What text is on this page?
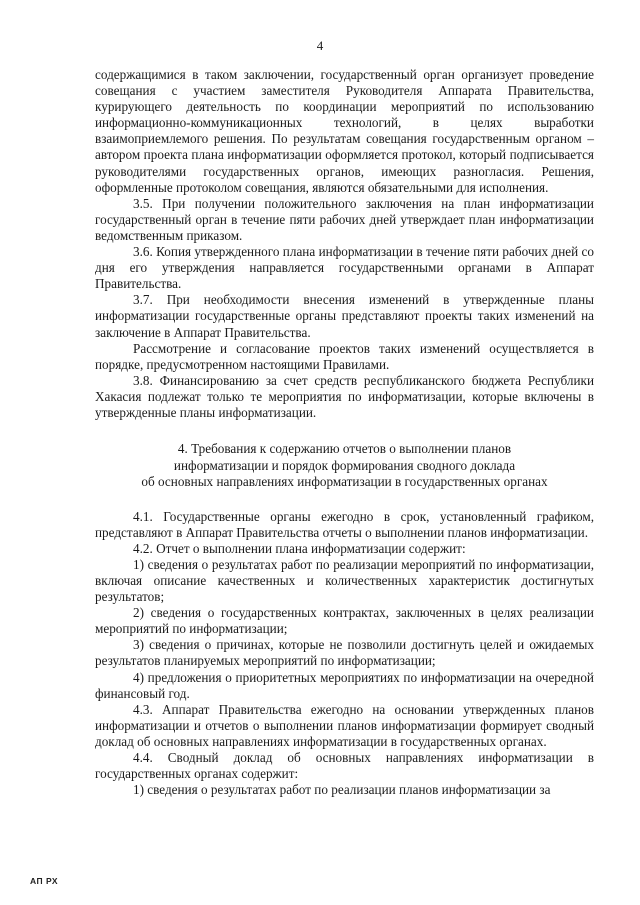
4

содержащимися в таком заключении, государственный орган организует проведение совещания с участием заместителя Руководителя Аппарата Правительства, курирующего деятельность по координации мероприятий по использованию информационно-коммуникационных технологий, в целях выработки взаимоприемлемого решения. По результатам совещания государственным органом – автором проекта плана информатизации оформляется протокол, который подписывается руководителями государственных органов, имеющих разногласия. Решения, оформленные протоколом совещания, являются обязательными для исполнения.

3.5. При получении положительного заключения на план информатизации государственный орган в течение пяти рабочих дней утверждает план информатизации ведомственным приказом.

3.6. Копия утвержденного плана информатизации в течение пяти рабочих дней со дня его утверждения направляется государственными органами в Аппарат Правительства.

3.7. При необходимости внесения изменений в утвержденные планы информатизации государственные органы представляют проекты таких изменений на заключение в Аппарат Правительства.

Рассмотрение и согласование проектов таких изменений осуществляется в порядке, предусмотренном настоящими Правилами.

3.8. Финансированию за счет средств республиканского бюджета Республики Хакасия подлежат только те мероприятия по информатизации, которые включены в утвержденные планы информатизации.

4. Требования к содержанию отчетов о выполнении планов
информатизации и порядок формирования сводного доклада
об основных направлениях информатизации в государственных органах

4.1. Государственные органы ежегодно в срок, установленный графиком, представляют в Аппарат Правительства отчеты о выполнении планов информатизации.

4.2. Отчет о выполнении плана информатизации содержит:

1) сведения о результатах работ по реализации мероприятий по информатизации, включая описание качественных и количественных характеристик достигнутых результатов;

2) сведения о государственных контрактах, заключенных в целях реализации мероприятий по информатизации;

3) сведения о причинах, которые не позволили достигнуть целей и ожидаемых результатов планируемых мероприятий по информатизации;

4) предложения о приоритетных мероприятиях по информатизации на очередной финансовый год.

4.3. Аппарат Правительства ежегодно на основании утвержденных планов информатизации и отчетов о выполнении планов информатизации формирует сводный доклад об основных направлениях информатизации в государственных органах.

4.4. Сводный доклад об основных направлениях информатизации в государственных органах содержит:

1) сведения о результатах работ по реализации планов информатизации за

АП РХ
